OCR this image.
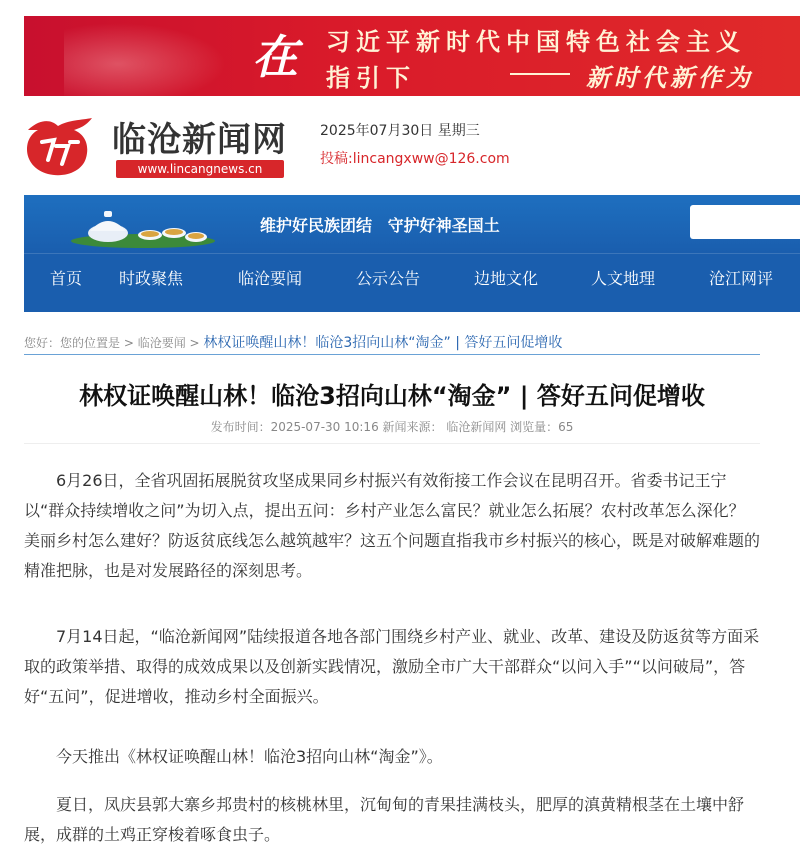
在 习近平新时代中国特色社会主义
指引下	新时代新作为
临沧新闻网
www.lincangnews.cn
2025年07月30日 星期三
投稿:lincangxww@126.com
维护好民族团结 守护好神圣国土
首页 时政聚焦	临沧要闻	公示公告	边地文化	人文地理	沧江网评
您好：您的位置是 > 临沧要闻 > 林权证唤醒山林！临沧3招向山林“淘金” | 答好五问促增收
林权证唤醒山林！临沧3招向山林“淘金” | 答好五问促增收
发布时间：2025-07-30 10:16 新闻来源： 临沧新闻网 浏览量：65

6月26日，全省巩固拓展脱贫攻坚成果同乡村振兴有效衔接工作会议在昆明召开。省委书记王宁以“群众持续增收之问”为切入点，提出五问：乡村产业怎么富民？就业怎么拓展？农村改革怎么深化？美丽乡村怎么建好？防返贫底线怎么越筑越牢？这五个问题直指我市乡村振兴的核心，既是对破解难题的精准把脉，也是对发展路径的深刻思考。

7月14日起，“临沧新闻网”陆续报道各地各部门围绕乡村产业、就业、改革、建设及防返贫等方面采取的政策举措、取得的成效成果以及创新实践情况，激励全市广大干部群众“以问入手”“以问破局”，答好“五问”，促进增收，推动乡村全面振兴。

今天推出《林权证唤醒山林！临沧3招向山林“淘金”》。

夏日，凤庆县郭大寨乡邦贵村的核桃林里，沉甸甸的青果挂满枝头，肥厚的滇黄精根茎在土壤中舒展，成群的土鸡正穿梭着啄食虫子。
